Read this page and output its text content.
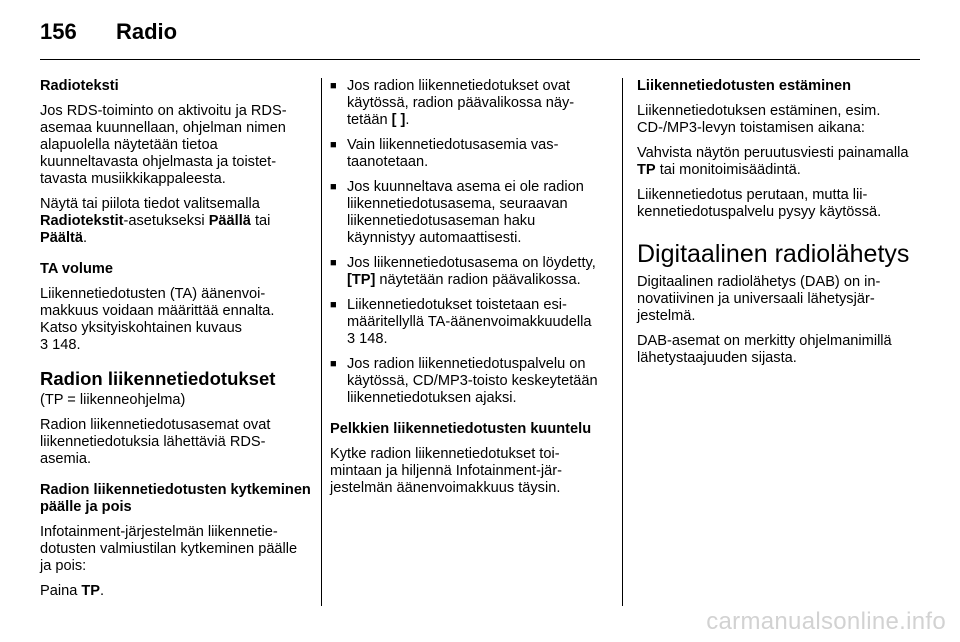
156 Radio

Radioteksti

Jos RDS-toiminto on aktivoitu ja RDS-asemaa kuunnellaan, ohjelman nimen alapuolella näytetään tietoa kuunneltavasta ohjelmasta ja toistettavasta musiikkikappaleesta.

Näytä tai piilota tiedot valitsemalla Radiotekstit-asetukseksi Päällä tai Päältä.

TA volume

Liikennetiedotusten (TA) äänenvoimakkuus voidaan määrittää ennalta. Katso yksityiskohtainen kuvaus
3 148.

Radion liikennetiedotukset

(TP = liikenneohjelma)

Radion liikennetiedotusasemat ovat liikennetiedotuksia lähettäviä RDS-asemia.

Radion liikennetiedotusten kytkeminen päälle ja pois

Infotainment-järjestelmän liikennetiedotusten valmiustilan kytkeminen päälle ja pois:

Paina TP.

■ Jos radion liikennetiedotukset ovat käytössä, radion päävalikossa näytetään [ ].
■ Vain liikennetiedotusasemia vastaanotetaan.
■ Jos kuunneltava asema ei ole radion liikennetiedotusasema, seuraavan liikennetiedotusaseman haku käynnistyy automaattisesti.
■ Jos liikennetiedotusasema on löydetty, [TP] näytetään radion päävalikossa.
■ Liikennetiedotukset toistetaan esimääritellyllä TA-äänenvoimakkuudella 3 148.
■ Jos radion liikennetiedotuspalvelu on käytössä, CD/MP3-toisto keskeytetään liikennetiedotuksen ajaksi.

Pelkkien liikennetiedotusten kuuntelu

Kytke radion liikennetiedotukset toimintaan ja hiljennä Infotainment-järjestelmän äänenvoimakkuus täysin.

Liikennetiedotusten estäminen

Liikennetiedotuksen estäminen, esim. CD-/MP3-levyn toistamisen aikana:

Vahvista näytön peruutusviesti painamalla TP tai monitoimisäädintä.

Liikennetiedotus perutaan, mutta liikennetiedotuspalvelu pysyy käytössä.

Digitaalinen radiolähetys

Digitaalinen radiolähetys (DAB) on innovatiivinen ja universaali lähetysjärjestelmä.

DAB-asemat on merkitty ohjelmanimillä lähetystaajuuden sijasta.

carmanualsonline.info
